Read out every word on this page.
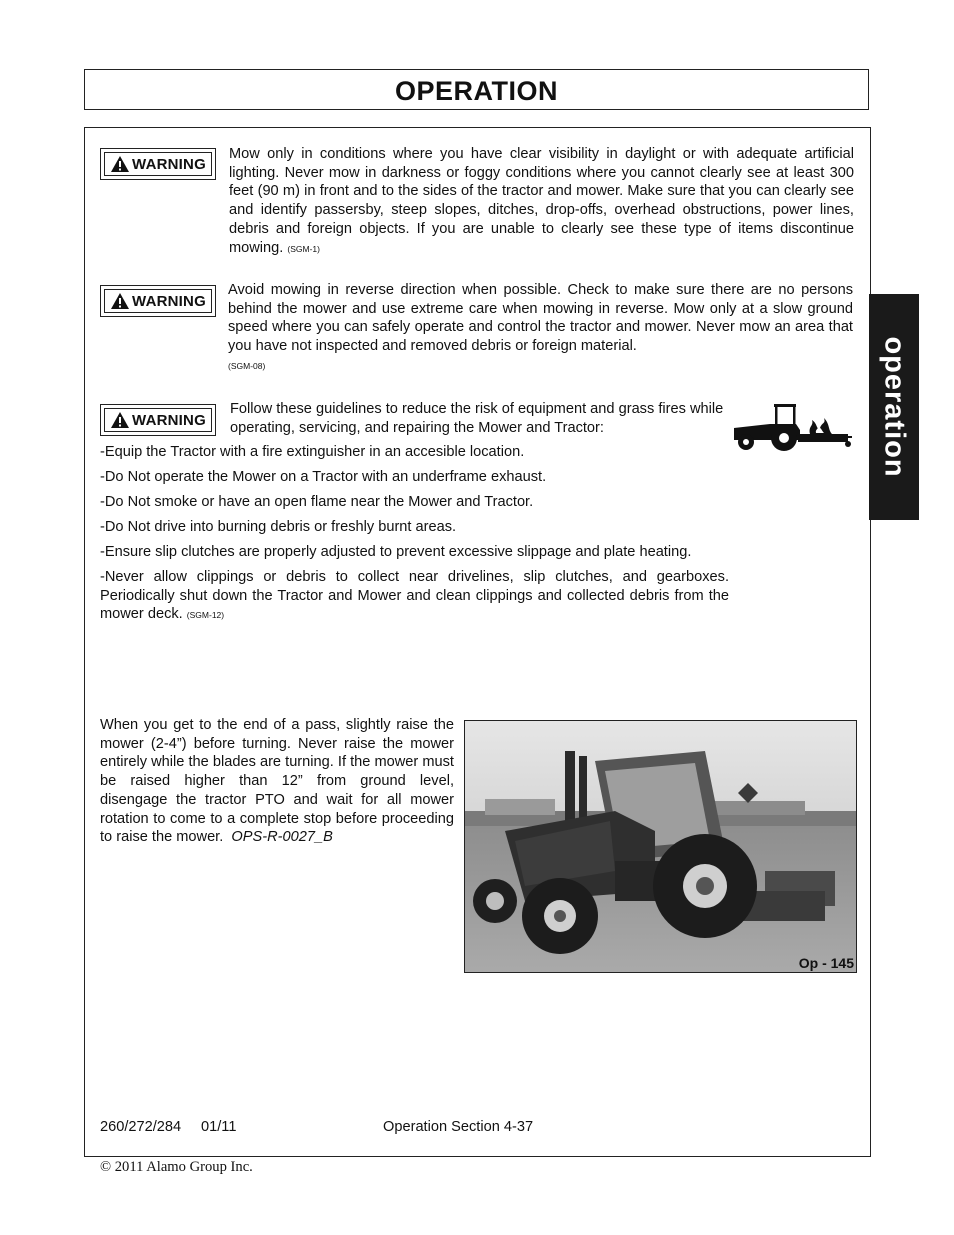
OPERATION
operation
WARNING
Mow only in conditions where you have clear visibility in daylight or with adequate artificial lighting. Never mow in darkness or foggy conditions where you cannot clearly see at least 300 feet (90 m) in front and to the sides of the tractor and mower. Make sure that you can clearly see and identify passersby, steep slopes, ditches, drop-offs, overhead obstructions, power lines, debris and foreign objects. If you are unable to clearly see these type of items discontinue mowing. (SGM-1)
WARNING
Avoid mowing in reverse direction when possible. Check to make sure there are no persons behind the mower and use extreme care when mowing in reverse. Mow only at a slow ground speed where you can safely operate and control the tractor and mower. Never mow an area that you have not inspected and removed debris or foreign material.
(SGM-08)
WARNING
Follow these guidelines to reduce the risk of equipment and grass fires while operating, servicing, and repairing the Mower and Tractor:
-Equip the Tractor with a fire extinguisher in an accesible location.
-Do Not operate the Mower on a Tractor with an underframe exhaust.
-Do Not smoke or have an open flame near the Mower and Tractor.
-Do Not drive into burning debris or freshly burnt areas.
-Ensure slip clutches are properly adjusted to prevent excessive slippage and plate heating.
-Never allow clippings or debris to collect near drivelines, slip clutches, and gearboxes. Periodically shut down the Tractor and Mower and clean clippings and collected debris from the mower deck. (SGM-12)
When you get to the end of a pass, slightly raise the mower (2-4”) before turning. Never raise the mower entirely while the blades are turning. If the mower must be raised higher than 12” from ground level, disengage the tractor PTO and wait for all mower rotation to come to a complete stop before proceeding to raise the mower. OPS-R-0027_B
Op - 145
260/272/284 01/11	Operation Section 4-37
© 2011 Alamo Group Inc.
